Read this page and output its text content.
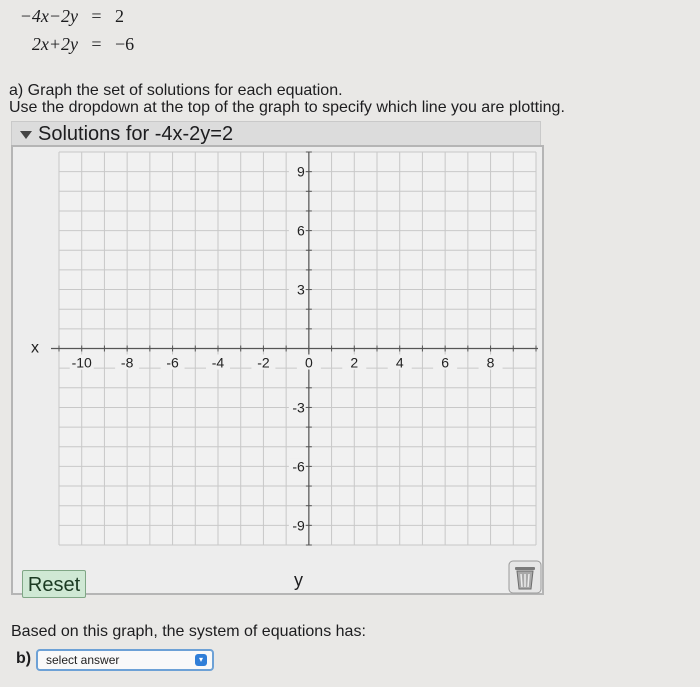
−4x−2y = 2
2x+2y = −6
a) Graph the set of solutions for each equation.
Use the dropdown at the top of the graph to specify which line you are plotting.
Solutions for -4x-2y=2
-10 -8 -6 -4 -2	0	2	4	6	8
9
6
3
-3
-6
-9
x
y
Reset
Based on this graph, the system of equations has:
b)	select answer	▾
